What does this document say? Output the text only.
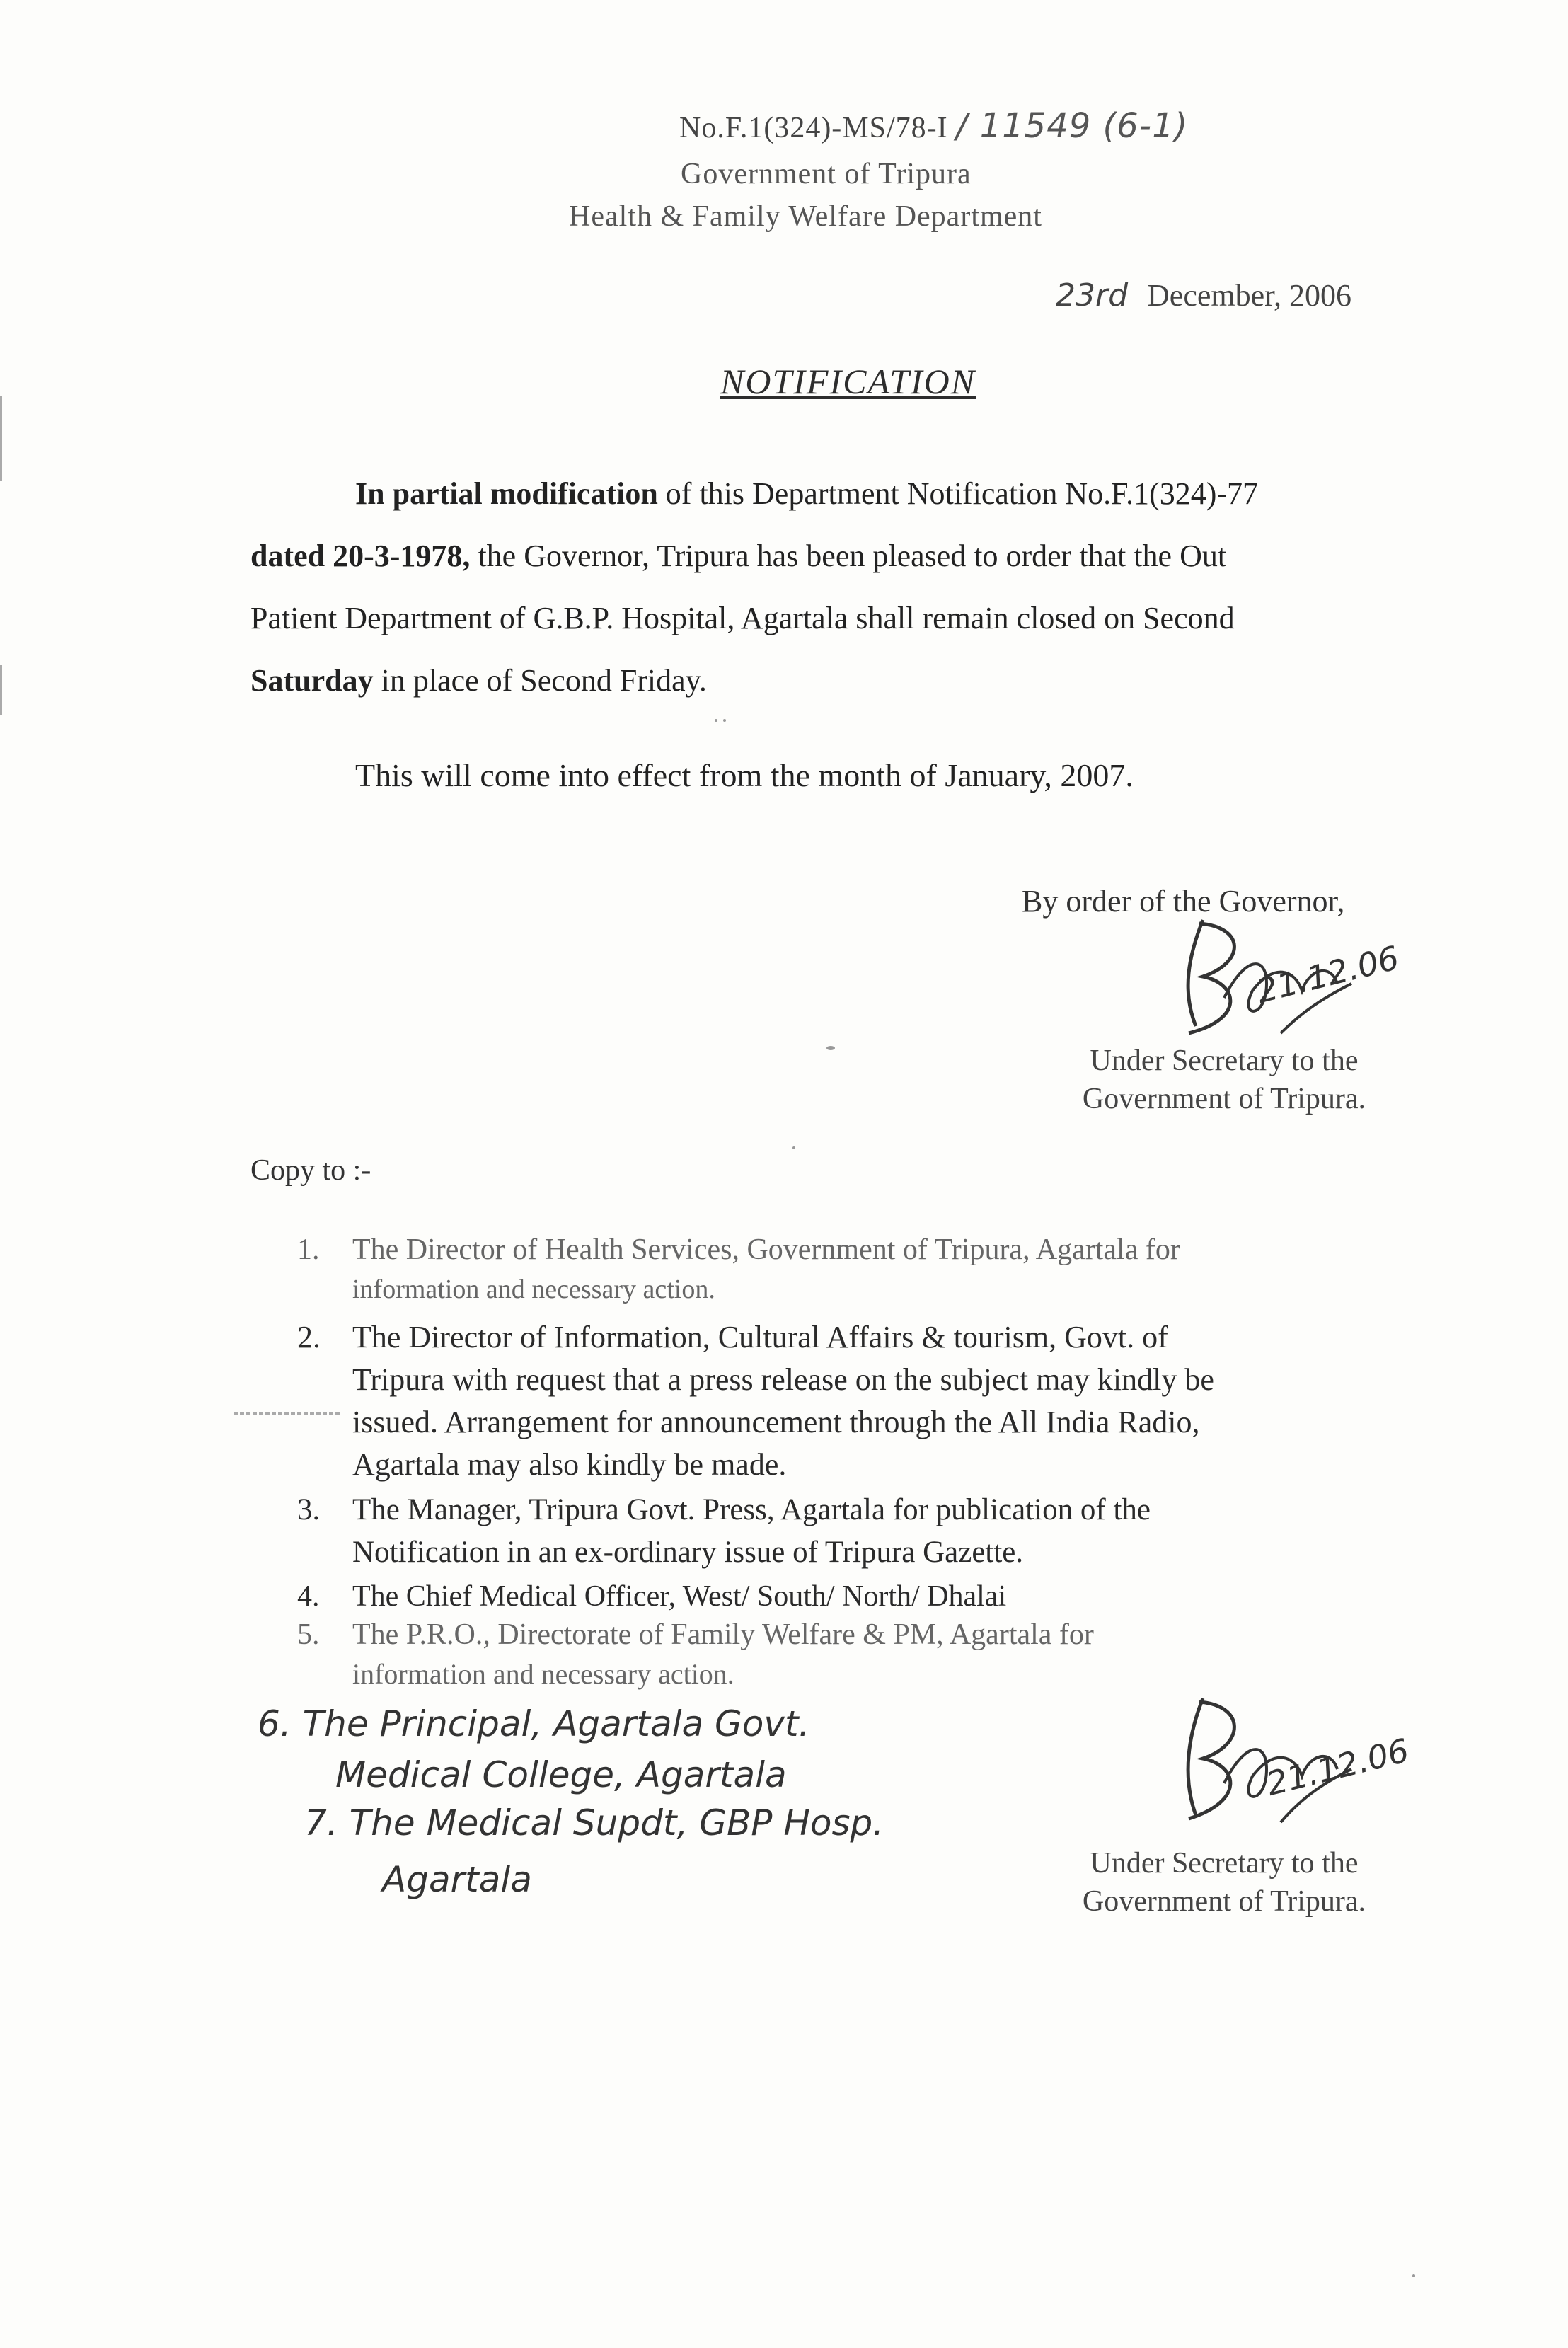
No.F.1(324)-MS/78-I / 11549 (6-1)
Government of Tripura
Health & Family Welfare Department
23rd December, 2006
NOTIFICATION
In partial modification of this Department Notification No.F.1(324)-77
dated 20-3-1978, the Governor, Tripura has been pleased to order that the Out
Patient Department of G.B.P. Hospital, Agartala shall remain closed on Second
Saturday in place of Second Friday.
This will come into effect from the month of January, 2007.
By order of the Governor,
21.12.06
Under Secretary to the
Government of Tripura.
Copy to :-
1. The Director of Health Services, Government of Tripura, Agartala for
information and necessary action.
2. The Director of Information, Cultural Affairs & tourism, Govt. of
Tripura with request that a press release on the subject may kindly be
issued. Arrangement for announcement through the All India Radio,
Agartala may also kindly be made.
3. The Manager, Tripura Govt. Press, Agartala for publication of the
Notification in an ex-ordinary issue of Tripura Gazette.
4. The Chief Medical Officer, West/ South/ North/ Dhalai
5. The P.R.O., Directorate of Family Welfare & PM, Agartala for
information and necessary action.
6. The Principal, Agartala Govt.
Medical College, Agartala
7. The Medical Supdt, GBP Hosp.
Agartala
21.12.06
Under Secretary to the
Government of Tripura.
